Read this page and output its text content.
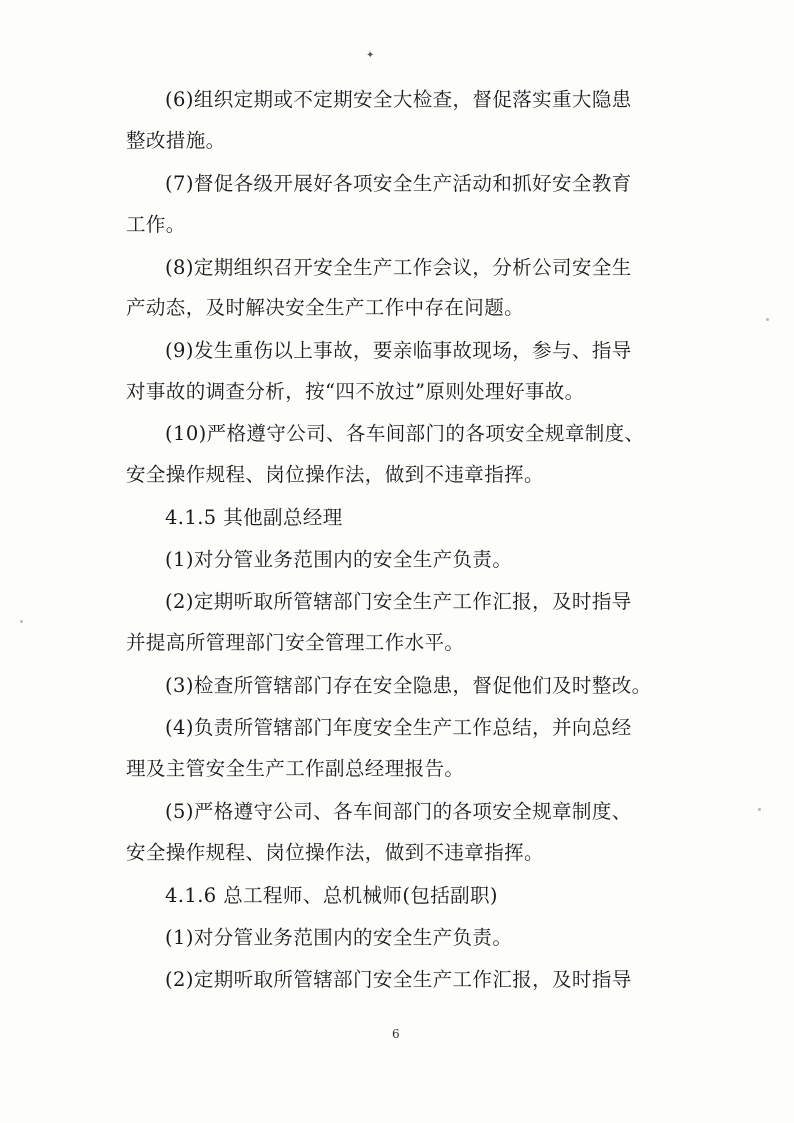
✦
(6)组织定期或不定期安全大检查，督促落实重大隐患
整改措施。
(7)督促各级开展好各项安全生产活动和抓好安全教育
工作。
(8)定期组织召开安全生产工作会议，分析公司安全生
产动态，及时解决安全生产工作中存在问题。
(9)发生重伤以上事故，要亲临事故现场，参与、指导
对事故的调查分析，按“四不放过”原则处理好事故。
(10)严格遵守公司、各车间部门的各项安全规章制度、
安全操作规程、岗位操作法，做到不违章指挥。
4.1.5 其他副总经理
(1)对分管业务范围内的安全生产负责。
(2)定期听取所管辖部门安全生产工作汇报，及时指导
并提高所管理部门安全管理工作水平。
(3)检查所管辖部门存在安全隐患，督促他们及时整改。
(4)负责所管辖部门年度安全生产工作总结，并向总经
理及主管安全生产工作副总经理报告。
(5)严格遵守公司、各车间部门的各项安全规章制度、
安全操作规程、岗位操作法，做到不违章指挥。
4.1.6 总工程师、总机械师(包括副职)
(1)对分管业务范围内的安全生产负责。
(2)定期听取所管辖部门安全生产工作汇报，及时指导
6
